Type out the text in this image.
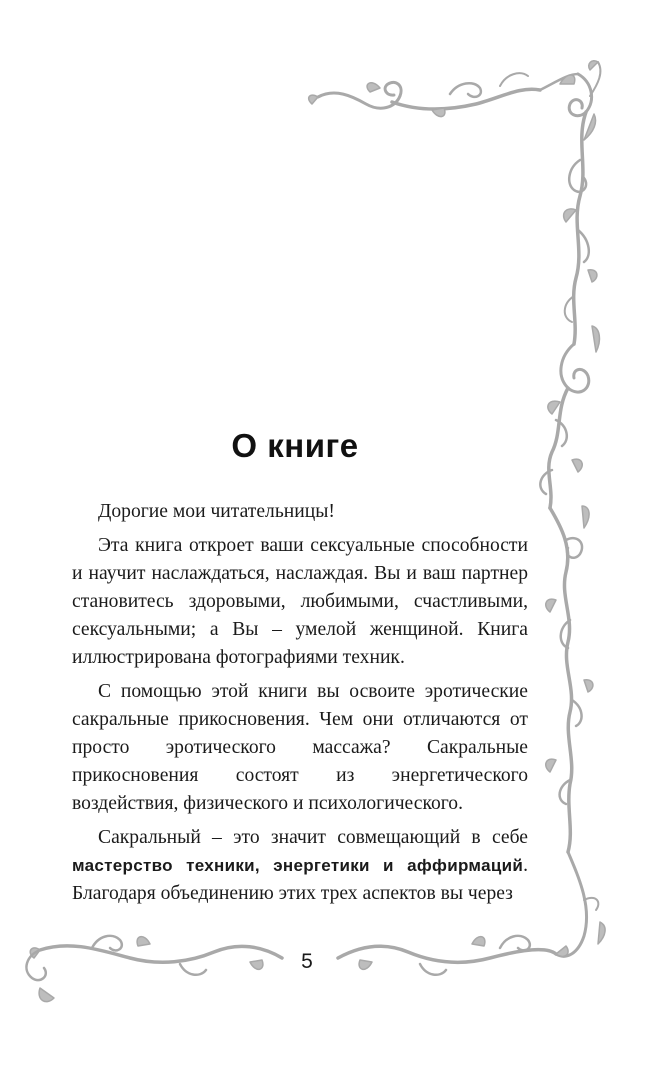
О книге

Дорогие мои читательницы!

Эта книга откроет ваши сексуальные способности и научит наслаждаться, наслаждая. Вы и ваш партнер становитесь здоровыми, любимыми, счастливыми, сексуальными; а Вы – умелой женщиной. Книга иллюстрирована фотографиями техник.

С помощью этой книги вы освоите эротические сакральные прикосновения. Чем они отличаются от просто эротического массажа? Сакральные прикосновения состоят из энергетического воздействия, физического и психологического.

Сакральный – это значит совмещающий в себе мастерство техники, энергетики и аффирмаций. Благодаря объединению этих трех аспектов вы через

5
